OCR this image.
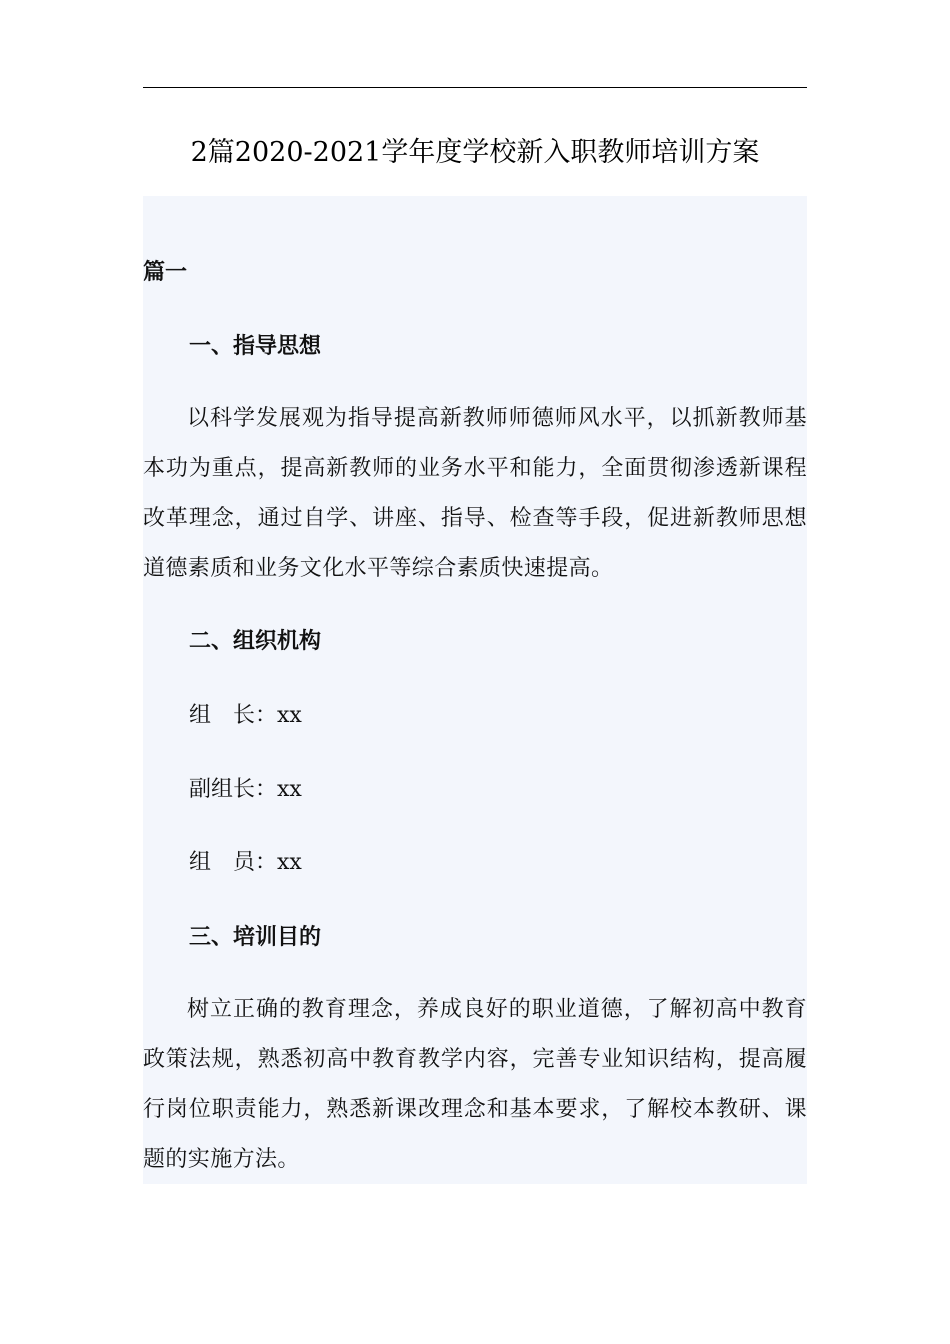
2篇2020-2021学年度学校新入职教师培训方案

篇一

一、指导思想

以科学发展观为指导提高新教师师德师风水平，以抓新教师基本功为重点，提高新教师的业务水平和能力，全面贯彻渗透新课程改革理念，通过自学、讲座、指导、检查等手段，促进新教师思想道德素质和业务文化水平等综合素质快速提高。

二、组织机构

组　长：xx

副组长：xx

组　员：xx

三、培训目的

树立正确的教育理念，养成良好的职业道德，了解初高中教育政策法规，熟悉初高中教育教学内容，完善专业知识结构，提高履行岗位职责能力，熟悉新课改理念和基本要求，了解校本教研、课题的实施方法。
